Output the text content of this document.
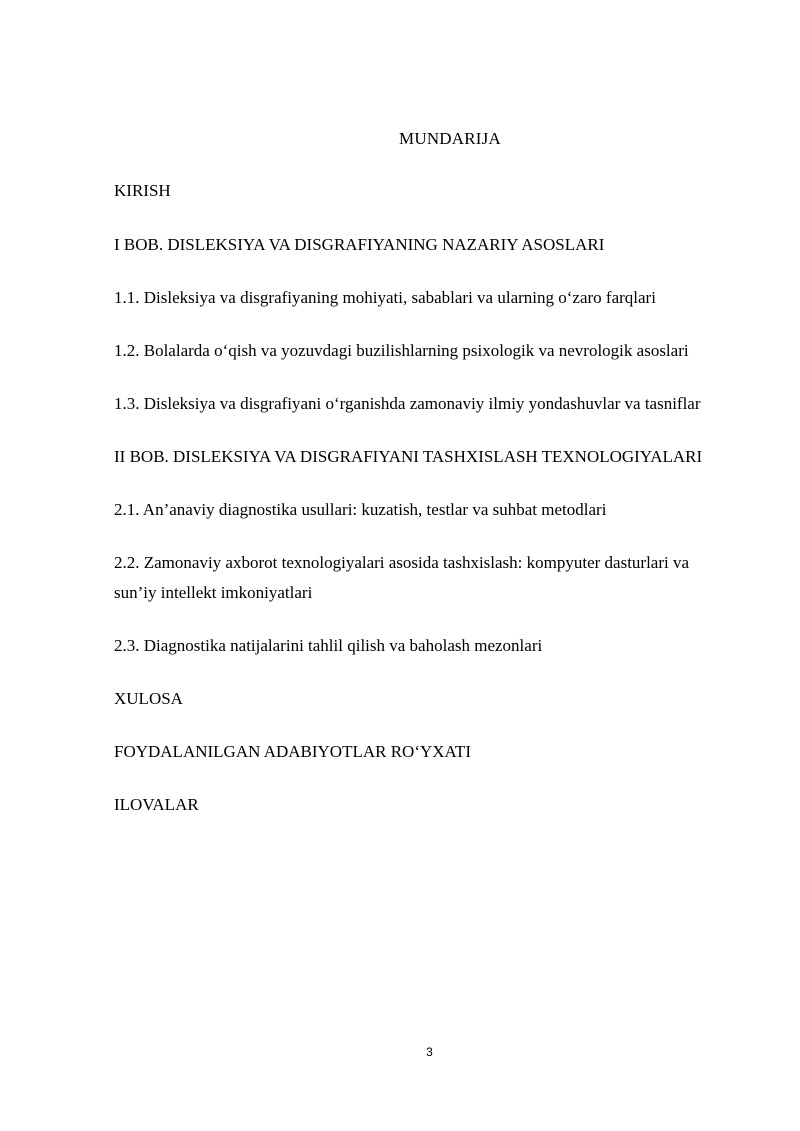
MUNDARIJA
KIRISH
I BOB. DISLEKSIYA VA DISGRAFIYANING NAZARIY ASOSLARI
1.1. Disleksiya va disgrafiyaning mohiyati, sabablari va ularning o‘zaro farqlari
1.2. Bolalarda o‘qish va yozuvdagi buzilishlarning psixologik va nevrologik asoslari
1.3. Disleksiya va disgrafiyani o‘rganishda zamonaviy ilmiy yondashuvlar va tasniflar
II BOB. DISLEKSIYA VA DISGRAFIYANI TASHXISLASH TEXNOLOGIYALARI
2.1. An’anaviy diagnostika usullari: kuzatish, testlar va suhbat metodlari
2.2. Zamonaviy axborot texnologiyalari asosida tashxislash: kompyuter dasturlari va sun’iy intellekt imkoniyatlari
2.3. Diagnostika natijalarini tahlil qilish va baholash mezonlari
XULOSA
FOYDALANILGAN ADABIYOTLAR RO‘YXATI
ILOVALAR
3
